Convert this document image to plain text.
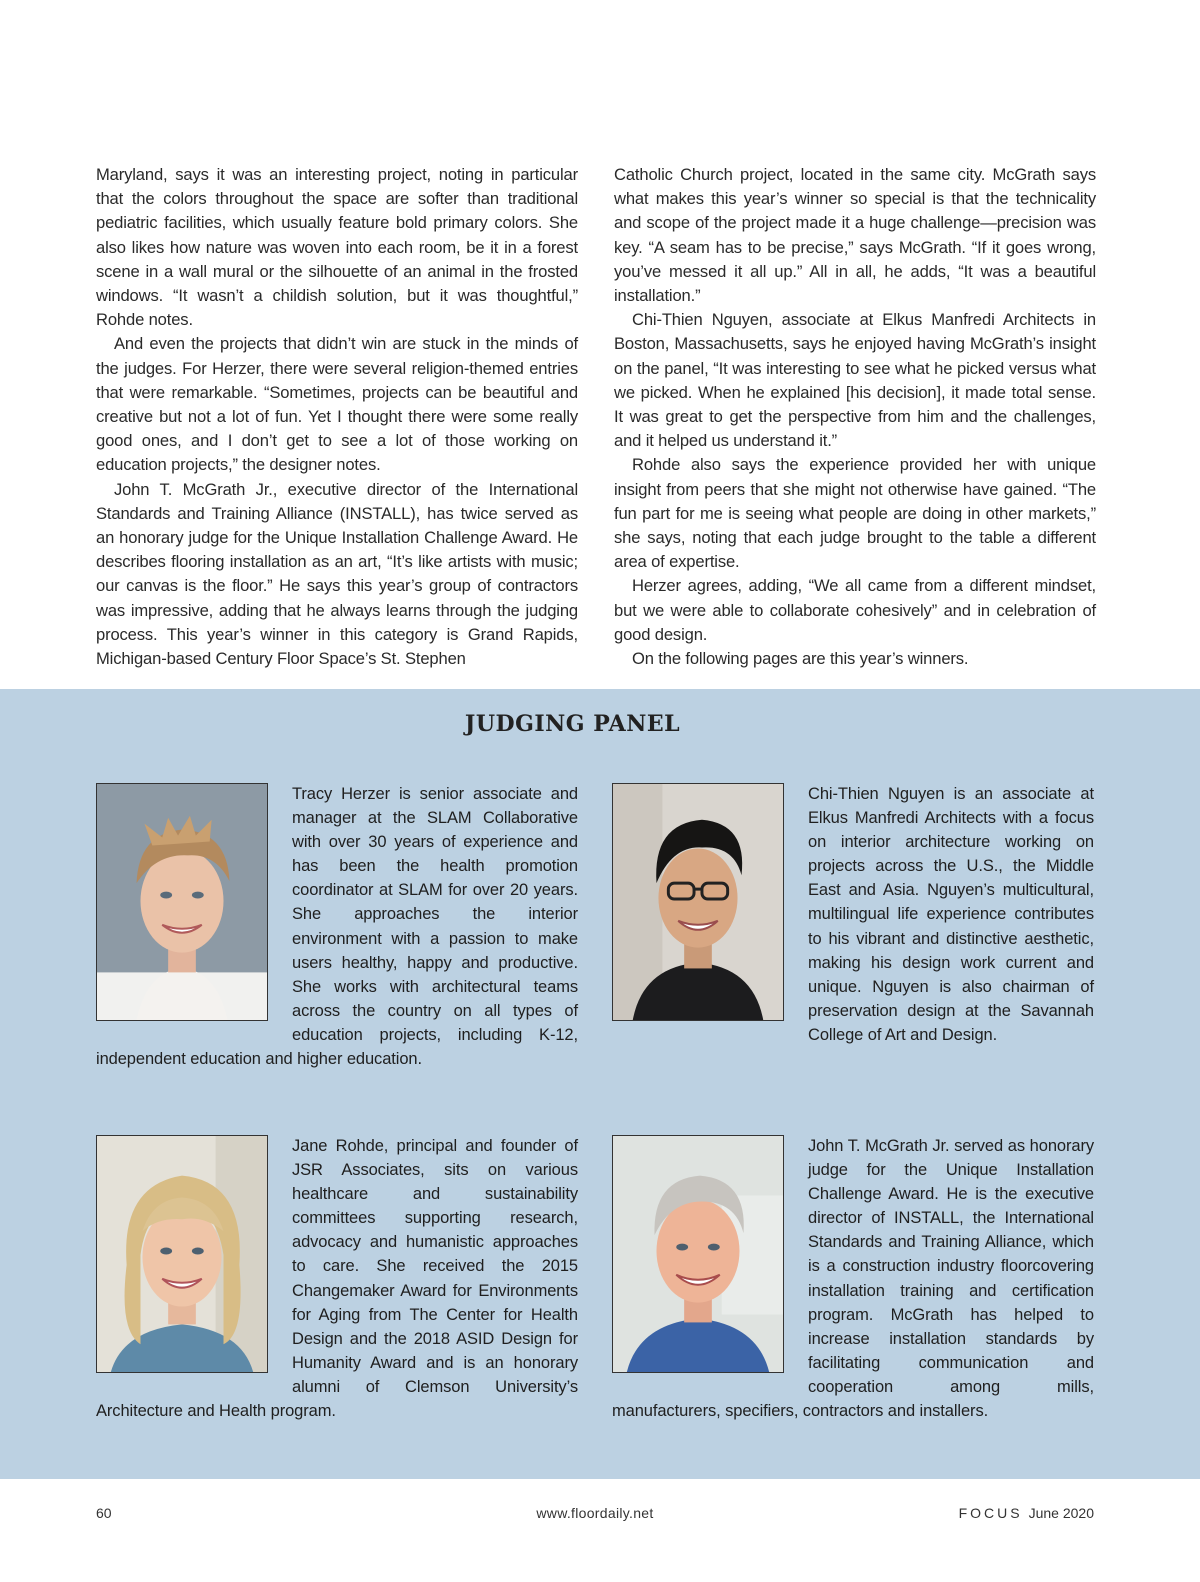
Maryland, says it was an interesting project, noting in particular that the colors throughout the space are softer than traditional pediatric facilities, which usually feature bold primary colors. She also likes how nature was woven into each room, be it in a forest scene in a wall mural or the silhouette of an animal in the frosted windows. “It wasn’t a childish solution, but it was thoughtful,” Rohde notes.

And even the projects that didn’t win are stuck in the minds of the judges. For Herzer, there were several religion-themed entries that were remarkable. “Sometimes, projects can be beautiful and creative but not a lot of fun. Yet I thought there were some really good ones, and I don’t get to see a lot of those working on education projects,” the designer notes.

John T. McGrath Jr., executive director of the International Standards and Training Alliance (INSTALL), has twice served as an honorary judge for the Unique Installation Challenge Award. He describes flooring installation as an art, “It’s like artists with music; our canvas is the floor.” He says this year’s group of contractors was impressive, adding that he always learns through the judging process. This year’s winner in this category is Grand Rapids, Michigan-based Century Floor Space’s St. Stephen

Catholic Church project, located in the same city. McGrath says what makes this year’s winner so special is that the technicality and scope of the project made it a huge challenge—precision was key. “A seam has to be precise,” says McGrath. “If it goes wrong, you’ve messed it all up.” All in all, he adds, “It was a beautiful installation.”

Chi-Thien Nguyen, associate at Elkus Manfredi Architects in Boston, Massachusetts, says he enjoyed having McGrath’s insight on the panel, “It was interesting to see what he picked versus what we picked. When he explained [his decision], it made total sense. It was great to get the perspective from him and the challenges, and it helped us understand it.”

Rohde also says the experience provided her with unique insight from peers that she might not otherwise have gained. “The fun part for me is seeing what people are doing in other markets,” she says, noting that each judge brought to the table a different area of expertise.

Herzer agrees, adding, “We all came from a different mindset, but we were able to collaborate cohesively” and in celebration of good design.

On the following pages are this year’s winners.

JUDGING PANEL

Tracy Herzer is senior associate and manager at the SLAM Collaborative with over 30 years of experience and has been the health promotion coordinator at SLAM for over 20 years. She approaches the interior environment with a passion to make users healthy, happy and productive. She works with architectural teams across the country on all types of education projects, including K-12, independent education and higher education.

Chi-Thien Nguyen is an associate at Elkus Manfredi Architects with a focus on interior architecture working on projects across the U.S., the Middle East and Asia. Nguyen’s multicultural, multilingual life experience contributes to his vibrant and distinctive aesthetic, making his design work current and unique. Nguyen is also chairman of preservation design at the Savannah College of Art and Design.

Jane Rohde, principal and founder of JSR Associates, sits on various healthcare and sustainability committees supporting research, advocacy and humanistic approaches to care. She received the 2015 Changemaker Award for Environments for Aging from The Center for Health Design and the 2018 ASID Design for Humanity Award and is an honorary alumni of Clemson University’s Architecture and Health program.

John T. McGrath Jr. served as honorary judge for the Unique Installation Challenge Award. He is the executive director of INSTALL, the International Standards and Training Alliance, which is a construction industry floorcovering installation training and certification program. McGrath has helped to increase installation standards by facilitating communication and cooperation among mills, manufacturers, specifiers, contractors and installers.

60	www.floordaily.net	FOCUS June 2020
